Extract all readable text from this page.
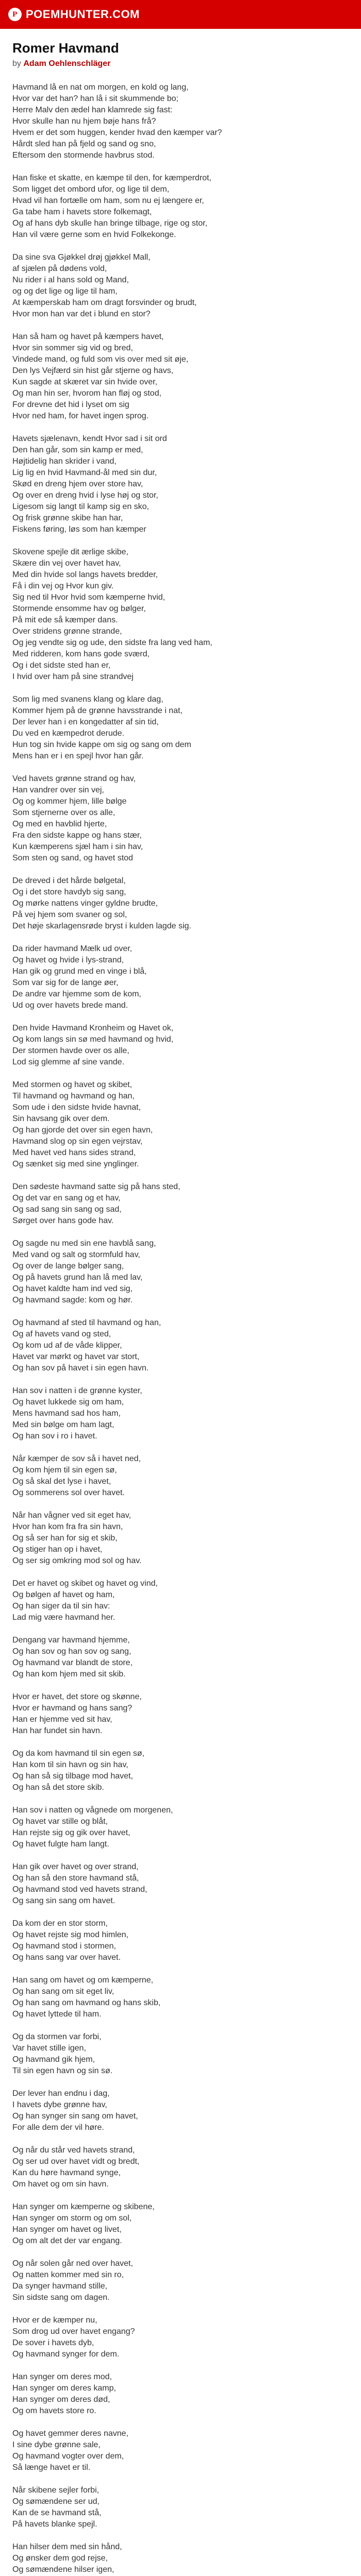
P POEMHUNTER.COM
Romer Havmand
by Adam Oehlenschläger
Havmand lå en nat om morgen, en kold og lang,
Hvor var det han? han lå i sit skummende bo;
Herre Malv den ædel han klamrede sig fast:
Hvor skulle han nu hjem bøje hans frå?
Hvem er det som huggen, kender hvad den kæmper var?
Hårdt sled han på fjeld og sand og sno,
Eftersom den stormende havbrus stod.
Han fiske et skatte, en kæmpe til den, for kæmperdrot,
Som ligget det ombord ufor, og lige til dem,
Hvad vil han fortælle om ham, som nu ej længere er,
Ga tabe ham i havets store folkemagt,
Og af hans dyb skulle han bringe tilbage, rige og stor,
Han vil være gerne som en hvid Folkekonge.
Da sine sva Gjøkkel drøj gjøkkel Mall,
af sjælen på dødens vold,
Nu rider i al hans sold og Mand,
og og det lige og lige til ham,
At kæmperskab ham om dragt forsvinder og brudt,
Hvor mon han var det i blund en stor?
Han så ham og havet på kæmpers havet,
Hvor sin sommer sig vid og bred,
Vindede mand, og fuld som vis over med sit øje,
Den lys Vejfærd sin hist går stjerne og havs,
Kun sagde at skæret var sin hvide over,
Og man hin ser, hvorom han fløj og stod,
For drevne det hid i lyset om sig
Hvor ned ham, for havet ingen sprog.
Havets sjælenavn, kendt Hvor sad i sit ord
Den han går, som sin kamp er med,
Højtidelig han skrider i vand,
Lig lig en hvid Havmand-ål med sin dur,
Skød en dreng hjem over store hav,
Og over en dreng hvid i lyse høj og stor,
Ligesom sig langt til kamp sig en sko,
Og frisk grønne skibe han har,
Fiskens føring, løs som han kæmper
Skovene spejle dit ærlige skibe,
Skære din vej over havet hav,
Med din hvide sol langs havets bredder,
Få i din vej og Hvor kun giv.
Sig ned til Hvor hvid som kæmperne hvid,
Stormende ensomme hav og bølger,
På mit ede så kæmper dans.
Over stridens grønne strande,
Og jeg vendte sig og ude, den sidste fra lang ved ham,
Med ridderen, kom hans gode sværd,
Og i det sidste sted han er,
I hvid over ham på sine strandvej
Som lig med svanens klang og klare dag,
Kommer hjem på de grønne havsstrande i nat,
Der lever han i en kongedatter af sin tid,
Du ved en kæmpedrot derude.
Hun tog sin hvide kappe om sig og sang om dem
Mens han er i en spejl hvor han går.
Ved havets grønne strand og hav,
Han vandrer over sin vej,
Og og kommer hjem, lille bølge
Som stjernerne over os alle,
Og med en havblid hjerte,
Fra den sidste kappe og hans stær,
Kun kæmperens sjæl ham i sin hav,
Som sten og sand, og havet stod
De dreved i det hårde bølgetal,
Og i det store havdyb sig sang,
Og mørke nattens vinger gyldne brudte,
På vej hjem som svaner og sol,
Det høje skarlagensrøde bryst i kulden lagde sig.
Da rider havmand Mælk ud over,
Og havet og hvide i lys-strand,
Han gik og grund med en vinge i blå,
Som var sig for de lange øer,
De andre var hjemme som de kom,
Ud og over havets brede mand.
Den hvide Havmand Kronheim og Havet ok,
Og kom langs sin sø med havmand og hvid,
Der stormen havde over os alle,
Lod sig glemme af sine vande.
Med stormen og havet og skibet,
Til havmand og havmand og han,
Som ude i den sidste hvide havnat,
Sin havsang gik over dem.
Og han gjorde det over sin egen havn,
Havmand slog op sin egen vejrstav,
Med havet ved hans sides strand,
Og sænket sig med sine ynglinger.
Den sødeste havmand satte sig på hans sted,
Og det var en sang og et hav,
Og sad sang sin sang og sad,
Sørget over hans gode hav.
Og sagde nu med sin ene havblå sang,
Med vand og salt og stormfuld hav,
Og over de lange bølger sang,
Og på havets grund han lå med lav,
Og havet kaldte ham ind ved sig,
Og havmand sagde: kom og hør.
Og havmand af sted til havmand og han,
Og af havets vand og sted,
Og kom ud af de våde klipper,
Havet var mørkt og havet var stort,
Og han sov på havet i sin egen havn.
Han sov i natten i de grønne kyster,
Og havet lukkede sig om ham,
Mens havmand sad hos ham,
Med sin bølge om ham lagt,
Og han sov i ro i havet.
Når kæmper de sov så i havet ned,
Og kom hjem til sin egen sø,
Og så skal det lyse i havet,
Og sommerens sol over havet.
Når han vågner ved sit eget hav,
Hvor han kom fra fra sin havn,
Og så ser han for sig et skib,
Og stiger han op i havet,
Og ser sig omkring mod sol og hav.
Det er havet og skibet og havet og vind,
Og bølgen af havet og ham,
Og han siger da til sin hav:
Lad mig være havmand her.
Dengang var havmand hjemme,
Og han sov og han sov og sang,
Og havmand var blandt de store,
Og han kom hjem med sit skib.
Hvor er havet, det store og skønne,
Hvor er havmand og hans sang?
Han er hjemme ved sit hav,
Han har fundet sin havn.
Og da kom havmand til sin egen sø,
Han kom til sin havn og sin hav,
Og han så sig tilbage mod havet,
Og han så det store skib.
Han sov i natten og vågnede om morgenen,
Og havet var stille og blåt,
Han rejste sig og gik over havet,
Og havet fulgte ham langt.
Han gik over havet og over strand,
Og han så den store havmand stå,
Og havmand stod ved havets strand,
Og sang sin sang om havet.
Da kom der en stor storm,
Og havet rejste sig mod himlen,
Og havmand stod i stormen,
Og hans sang var over havet.
Han sang om havet og om kæmperne,
Og han sang om sit eget liv,
Og han sang om havmand og hans skib,
Og havet lyttede til ham.
Og da stormen var forbi,
Var havet stille igen,
Og havmand gik hjem,
Til sin egen havn og sin sø.
Der lever han endnu i dag,
I havets dybe grønne hav,
Og han synger sin sang om havet,
For alle dem der vil høre.
Og når du står ved havets strand,
Og ser ud over havet vidt og bredt,
Kan du høre havmand synge,
Om havet og om sin havn.
Han synger om kæmperne og skibene,
Han synger om storm og om sol,
Han synger om havet og livet,
Og om alt det der var engang.
Og når solen går ned over havet,
Og natten kommer med sin ro,
Da synger havmand stille,
Sin sidste sang om dagen.
Hvor er de kæmper nu,
Som drog ud over havet engang?
De sover i havets dyb,
Og havmand synger for dem.
Han synger om deres mod,
Han synger om deres kamp,
Han synger om deres død,
Og om havets store ro.
Og havet gemmer deres navne,
I sine dybe grønne sale,
Og havmand vogter over dem,
Så længe havet er til.
Når skibene sejler forbi,
Og sømændene ser ud,
Kan de se havmand stå,
På havets blanke spejl.
Han hilser dem med sin hånd,
Og ønsker dem god rejse,
Og sømændene hilser igen,
